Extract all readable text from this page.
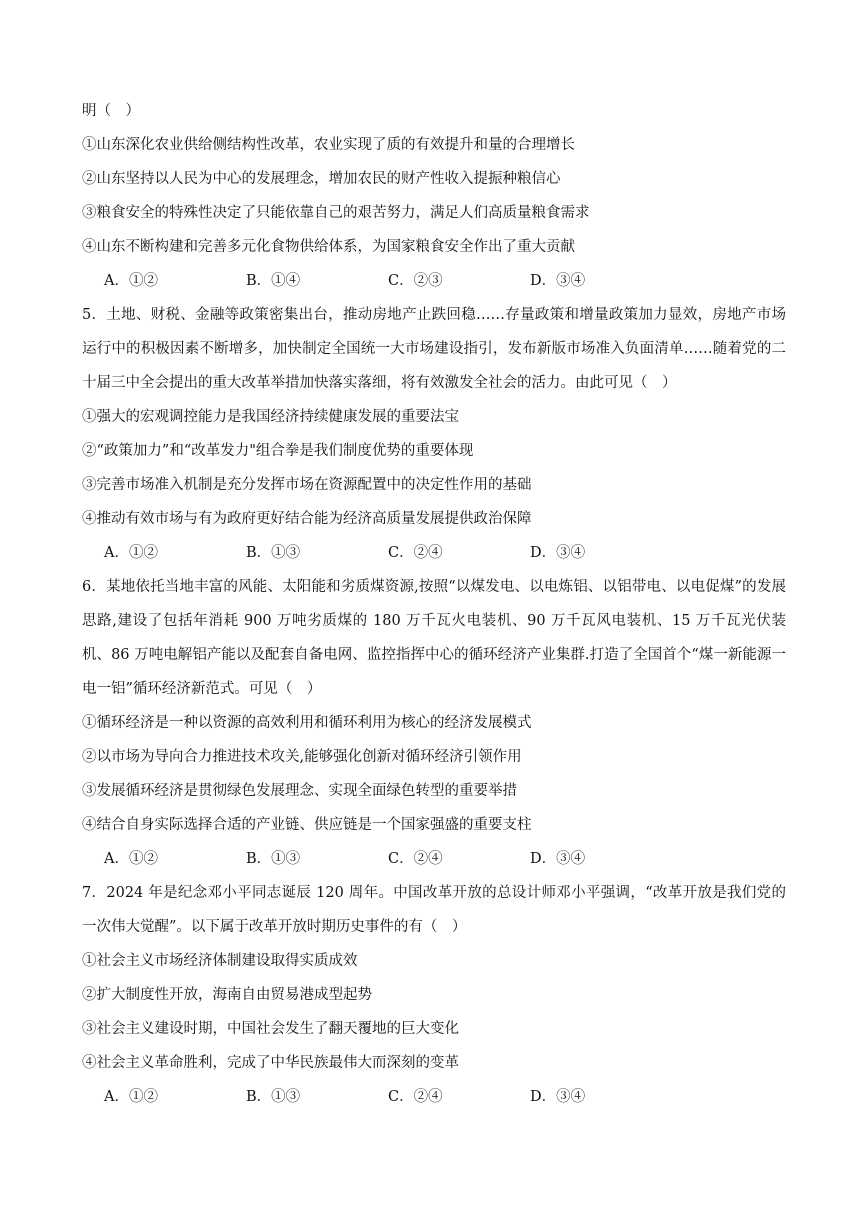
明（　）

①山东深化农业供给侧结构性改革，农业实现了质的有效提升和量的合理增长

②山东坚持以人民为中心的发展理念，增加农民的财产性收入提振种粮信心

③粮食安全的特殊性决定了只能依靠自己的艰苦努力，满足人们高质量粮食需求

④山东不断构建和完善多元化食物供给体系，为国家粮食安全作出了重大贡献

A．①②	B．①④	C．②③	D．③④

5．土地、财税、金融等政策密集出台，推动房地产止跌回稳……存量政策和增量政策加力显效，房地产市场运行中的积极因素不断增多，加快制定全国统一大市场建设指引，发布新版市场准入负面清单……随着党的二十届三中全会提出的重大改革举措加快落实落细，将有效激发全社会的活力。由此可见（　）

①强大的宏观调控能力是我国经济持续健康发展的重要法宝

②“政策加力”和“改革发力"组合拳是我们制度优势的重要体现

③完善市场准入机制是充分发挥市场在资源配置中的决定性作用的基础

④推动有效市场与有为政府更好结合能为经济高质量发展提供政治保障

A．①②	B．①③	C．②④	D．③④

6．某地依托当地丰富的风能、太阳能和劣质煤资源,按照“以煤发电、以电炼铝、以铝带电、以电促煤”的发展思路,建设了包括年消耗 900 万吨劣质煤的 180 万千瓦火电装机、90 万千瓦风电装机、15 万千瓦光伏装机、86 万吨电解铝产能以及配套自备电网、监控指挥中心的循环经济产业集群.打造了全国首个“煤一新能源一电一铝”循环经济新范式。可见（　）

①循环经济是一种以资源的高效利用和循环利用为核心的经济发展模式

②以市场为导向合力推进技术攻关,能够强化创新对循环经济引领作用

③发展循环经济是贯彻绿色发展理念、实现全面绿色转型的重要举措

④结合自身实际选择合适的产业链、供应链是一个国家强盛的重要支柱

A．①②	B．①③	C．②④	D．③④

7．2024 年是纪念邓小平同志诞辰 120 周年。中国改革开放的总设计师邓小平强调，“改革开放是我们党的一次伟大觉醒”。以下属于改革开放时期历史事件的有（　）

①社会主义市场经济体制建设取得实质成效

②扩大制度性开放，海南自由贸易港成型起势

③社会主义建设时期，中国社会发生了翻天覆地的巨大变化

④社会主义革命胜利，完成了中华民族最伟大而深刻的变革

A．①②	B．①③	C．②④	D．③④
